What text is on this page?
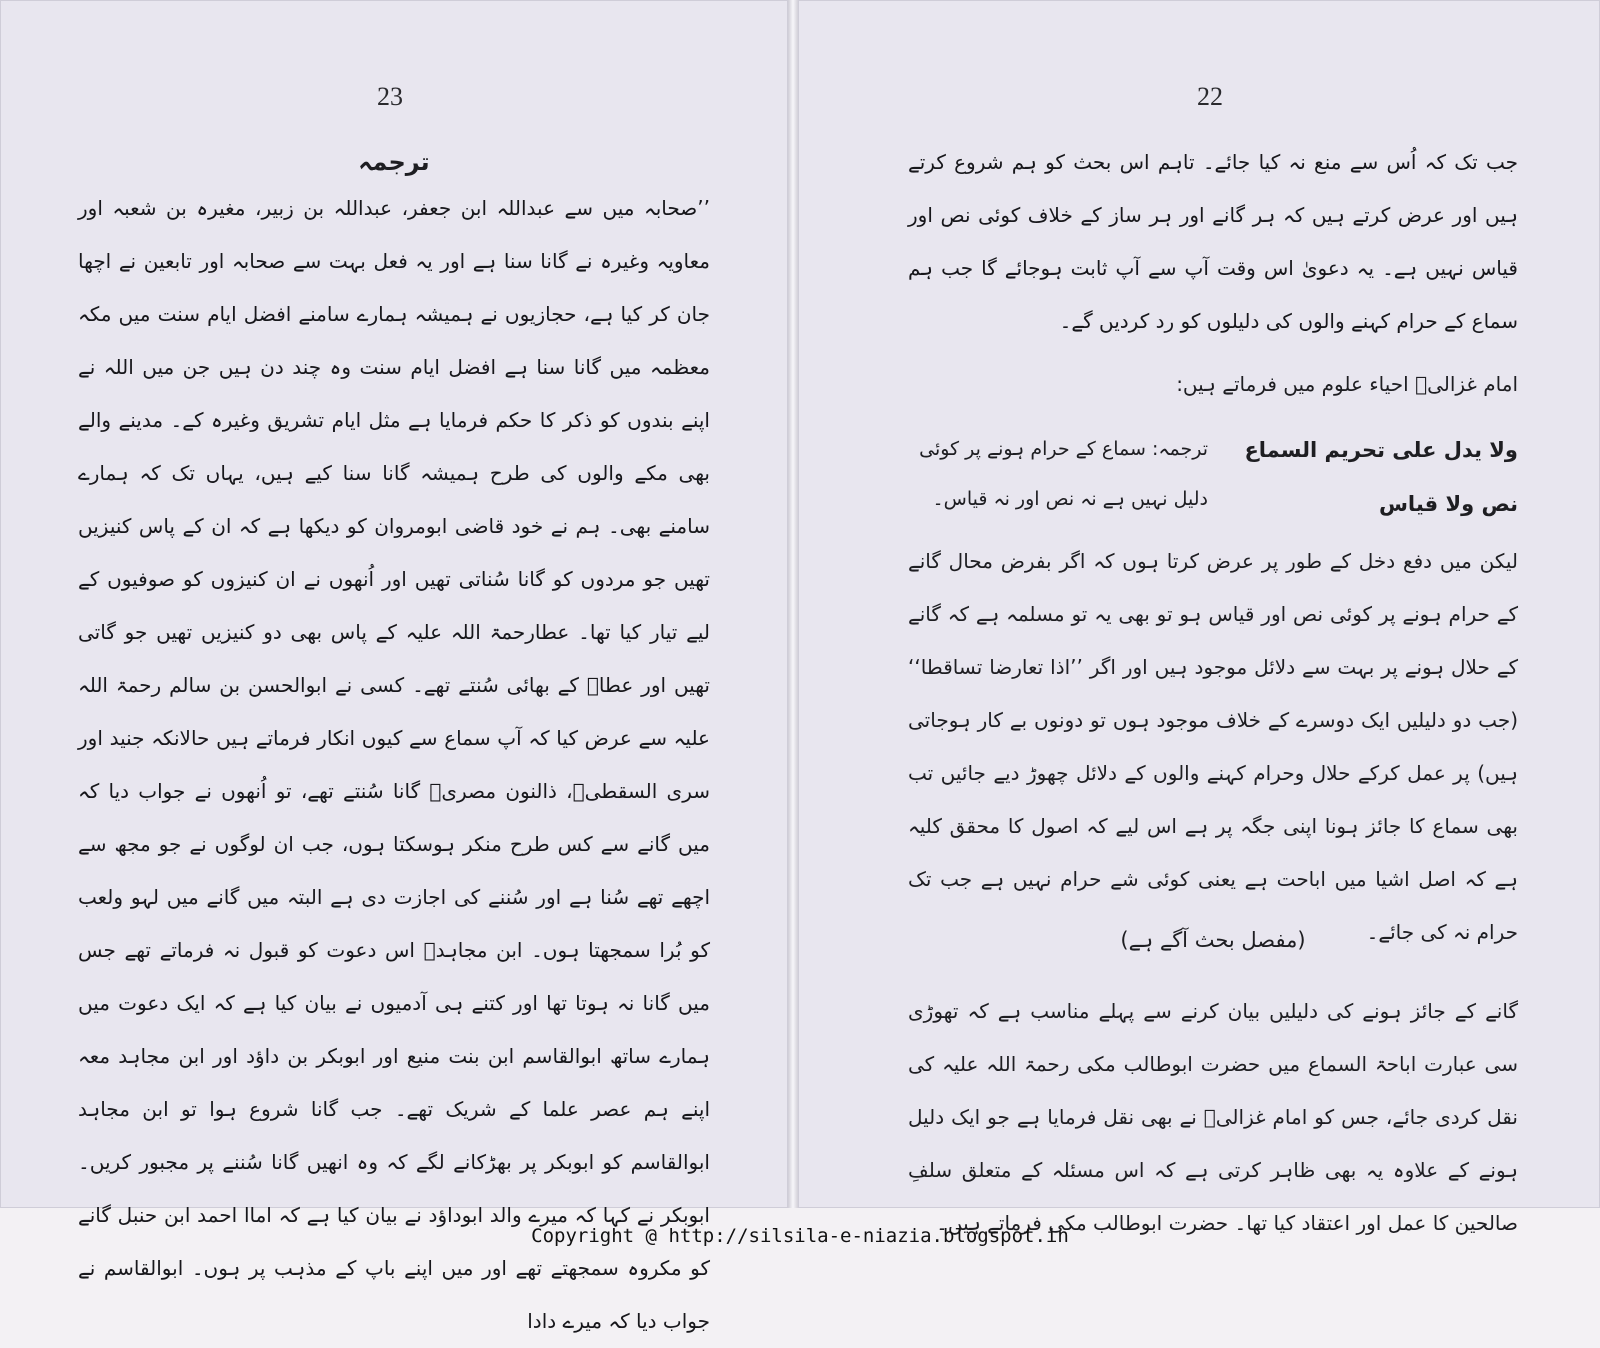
23
ترجمہ
’’صحابہ میں سے عبداللہ ابن جعفر، عبداللہ بن زبیر، مغیرہ بن شعبہ اور معاویہ وغیرہ نے گانا سنا ہے اور یہ فعل بہت سے صحابہ اور تابعین نے اچھا جان کر کیا ہے، حجازیوں نے ہمیشہ ہمارے سامنے افضل ایام سنت میں مکہ معظمہ میں گانا سنا ہے افضل ایام سنت وہ چند دن ہیں جن میں اللہ نے اپنے بندوں کو ذکر کا حکم فرمایا ہے مثل ایام تشریق وغیرہ کے۔ مدینے والے بھی مکے والوں کی طرح ہمیشہ گانا سنا کیے ہیں، یہاں تک کہ ہمارے سامنے بھی۔ ہم نے خود قاضی ابومروان کو دیکھا ہے کہ ان کے پاس کنیزیں تھیں جو مردوں کو گانا سُناتی تھیں اور اُنھوں نے ان کنیزوں کو صوفیوں کے لیے تیار کیا تھا۔ عطارحمۃ اللہ علیہ کے پاس بھی دو کنیزیں تھیں جو گاتی تھیں اور عطاؒ کے بھائی سُنتے تھے۔ کسی نے ابوالحسن بن سالم رحمۃ اللہ علیہ سے عرض کیا کہ آپ سماع سے کیوں انکار فرماتے ہیں حالانکہ جنید اور سری السقطیؒ، ذالنون مصریؒ گانا سُنتے تھے، تو اُنھوں نے جواب دیا کہ میں گانے سے کس طرح منکر ہوسکتا ہوں، جب ان لوگوں نے جو مجھ سے اچھے تھے سُنا ہے اور سُننے کی اجازت دی ہے البتہ میں گانے میں لہو ولعب کو بُرا سمجھتا ہوں۔ ابن مجاہدؒ اس دعوت کو قبول نہ فرماتے تھے جس میں گانا نہ ہوتا تھا اور کتنے ہی آدمیوں نے بیان کیا ہے کہ ایک دعوت میں ہمارے ساتھ ابوالقاسم ابن بنت منیع اور ابوبکر بن داؤد اور ابن مجاہد معہ اپنے ہم عصر علما کے شریک تھے۔ جب گانا شروع ہوا تو ابن مجاہد ابوالقاسم کو ابوبکر پر بھڑکانے لگے کہ وہ انھیں گانا سُننے پر مجبور کریں۔ ابوبکر نے کہا کہ میرے والد ابوداؤد نے بیان کیا ہے کہ اماا احمد ابن حنبل گانے کو مکروہ سمجھتے تھے اور میں اپنے باپ کے مذہب پر ہوں۔ ابوالقاسم نے جواب دیا کہ میرے دادا
22
جب تک کہ اُس سے منع نہ کیا جائے۔ تاہم اس بحث کو ہم شروع کرتے ہیں اور عرض کرتے ہیں کہ ہر گانے اور ہر ساز کے خلاف کوئی نص اور قیاس نہیں ہے۔ یہ دعویٰ اس وقت آپ سے آپ ثابت ہوجائے گا جب ہم سماع کے حرام کہنے والوں کی دلیلوں کو رد کردیں گے۔
امام غزالیؒ احیاء علوم میں فرماتے ہیں:
ولا یدل علی تحریم السماع
نص ولا قیاس
ترجمہ: سماع کے حرام ہونے پر کوئی
دلیل نہیں ہے نہ نص اور نہ قیاس۔
لیکن میں دفع دخل کے طور پر عرض کرتا ہوں کہ اگر بفرض محال گانے کے حرام ہونے پر کوئی نص اور قیاس ہو تو بھی یہ تو مسلمہ ہے کہ گانے کے حلال ہونے پر بہت سے دلائل موجود ہیں اور اگر ’’اذا تعارضا تساقطا‘‘ (جب دو دلیلیں ایک دوسرے کے خلاف موجود ہوں تو دونوں بے کار ہوجاتی ہیں) پر عمل کرکے حلال وحرام کہنے والوں کے دلائل چھوڑ دیے جائیں تب بھی سماع کا جائز ہونا اپنی جگہ پر ہے اس لیے کہ اصول کا محقق کلیہ ہے کہ اصل اشیا میں اباحت ہے یعنی کوئی شے حرام نہیں ہے جب تک حرام نہ کی جائے۔
(مفصل بحث آگے ہے)
گانے کے جائز ہونے کی دلیلیں بیان کرنے سے پہلے مناسب ہے کہ تھوڑی سی عبارت اباحۃ السماع میں حضرت ابوطالب مکی رحمۃ اللہ علیہ کی نقل کردی جائے، جس کو امام غزالیؒ نے بھی نقل فرمایا ہے جو ایک دلیل ہونے کے علاوہ یہ بھی ظاہر کرتی ہے کہ اس مسئلہ کے متعلق سلفِ صالحین کا عمل اور اعتقاد کیا تھا۔ حضرت ابوطالب مکی فرماتے ہیں۔
Copyright @ http://silsila-e-niazia.blogspot.in
